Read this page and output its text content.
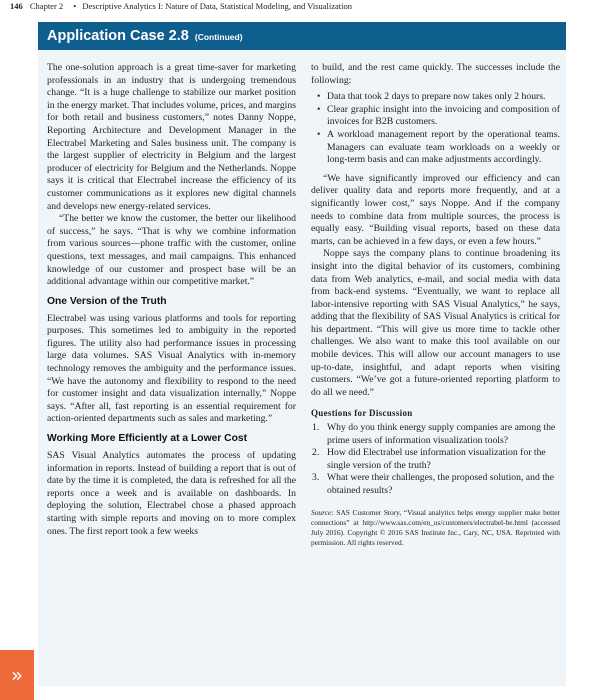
146 Chapter 2 • Descriptive Analytics I: Nature of Data, Statistical Modeling, and Visualization
Application Case 2.8 (Continued)

The one-solution approach is a great time-saver for marketing professionals in an industry that is undergoing tremendous change. “It is a huge challenge to stabilize our market position in the energy market. That includes volume, prices, and margins for both retail and business customers,” notes Danny Noppe, Reporting Architecture and Development Manager in the Electrabel Marketing and Sales business unit. The company is the largest supplier of electricity in Belgium and the largest producer of electricity for Belgium and the Netherlands. Noppe says it is critical that Electrabel increase the efficiency of its customer communications as it explores new digital channels and develops new energy-related services.

“The better we know the customer, the better our likelihood of success,” he says. “That is why we combine information from various sources—phone traffic with the customer, online questions, text messages, and mail campaigns. This enhanced knowledge of our customer and prospect base will be an additional advantage within our competitive market.”

One Version of the Truth

Electrabel was using various platforms and tools for reporting purposes. This sometimes led to ambiguity in the reported figures. The utility also had performance issues in processing large data volumes. SAS Visual Analytics with in-memory technology removes the ambiguity and the performance issues. “We have the autonomy and flexibility to respond to the need for customer insight and data visualization internally,” Noppe says. “After all, fast reporting is an essential requirement for action-oriented departments such as sales and marketing.”

Working More Efficiently at a Lower Cost

SAS Visual Analytics automates the process of updating information in reports. Instead of building a report that is out of date by the time it is completed, the data is refreshed for all the reports once a week and is available on dashboards. In deploying the solution, Electrabel chose a phased approach starting with simple reports and moving on to more complex ones. The first report took a few weeks

to build, and the rest came quickly. The successes include the following:

• Data that took 2 days to prepare now takes only 2 hours.
• Clear graphic insight into the invoicing and composition of invoices for B2B customers.
• A workload management report by the operational teams. Managers can evaluate team workloads on a weekly or long-term basis and can make adjustments accordingly.

“We have significantly improved our efficiency and can deliver quality data and reports more frequently, and at a significantly lower cost,” says Noppe. And if the company needs to combine data from multiple sources, the process is equally easy. “Building visual reports, based on these data marts, can be achieved in a few days, or even a few hours.”

Noppe says the company plans to continue broadening its insight into the digital behavior of its customers, combining data from Web analytics, e-mail, and social media with data from back-end systems. “Eventually, we want to replace all labor-intensive reporting with SAS Visual Analytics,” he says, adding that the flexibility of SAS Visual Analytics is critical for his department. “This will give us more time to tackle other challenges. We also want to make this tool available on our mobile devices. This will allow our account managers to use up-to-date, insightful, and adapt reports when visiting customers. “We’ve got a future-oriented reporting platform to do all we need.”

Questions for Discussion
1. Why do you think energy supply companies are among the prime users of information visualization tools?
2. How did Electrabel use information visualization for the single version of the truth?
3. What were their challenges, the proposed solution, and the obtained results?
Source: SAS Customer Story, “Visual analytics helps energy supplier make better connections” at http://www.sas.com/en_us/customers/electrabel-be.html (accessed July 2016). Copyright © 2016 SAS Institute Inc., Cary, NC, USA. Reprinted with permission. All rights reserved.
»
